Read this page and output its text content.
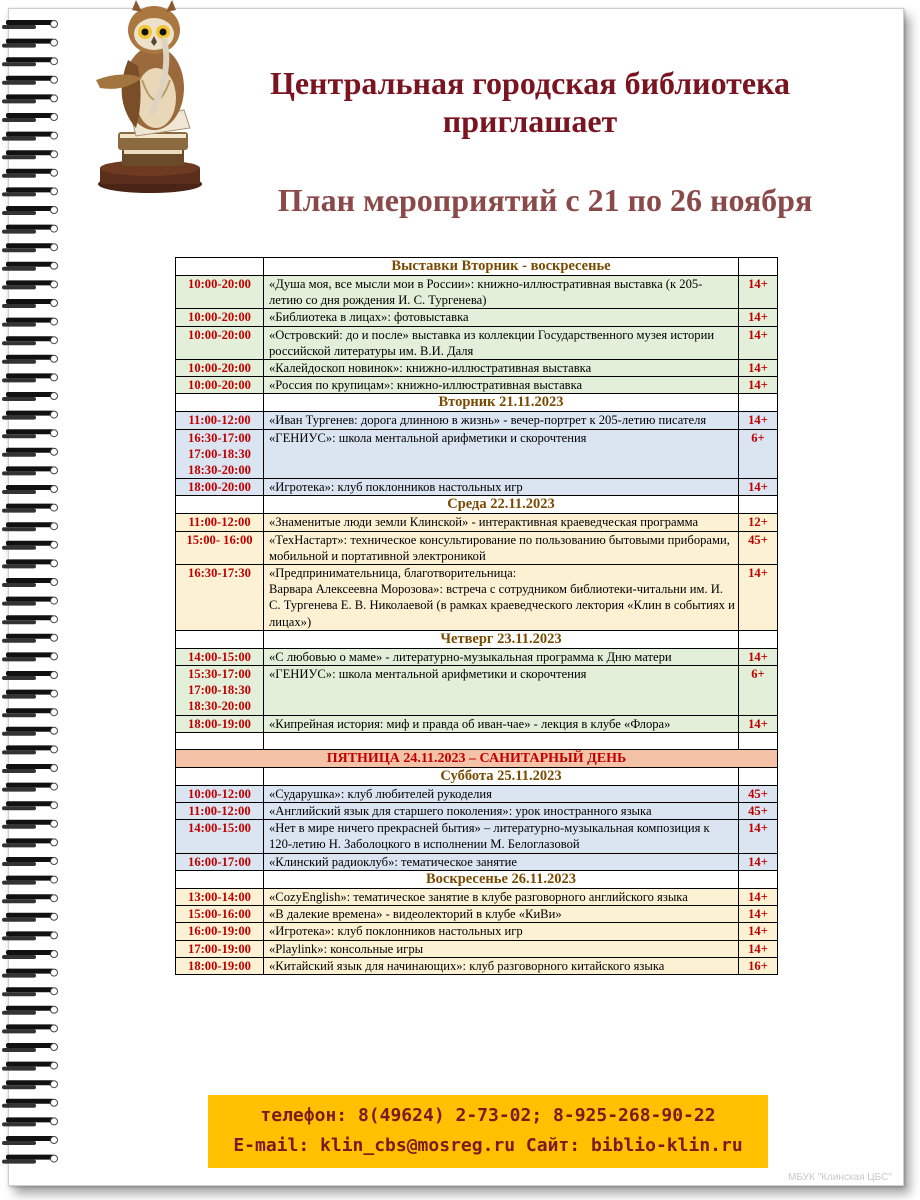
Центральная городская библиотека
приглашает
План мероприятий с 21 по 26 ноября
	Выставки Вторник - воскресенье	
10:00-20:00	«Душа моя, все мысли мои в России»: книжно-иллюстративная выставка (к 205-летию со дня рождения И. С. Тургенева)	14+
10:00-20:00	«Библиотека в лицах»: фотовыставка	14+
10:00-20:00	«Островский: до и после» выставка из коллекции Государственного музея истории российской литературы им. В.И. Даля	14+
10:00-20:00	«Калейдоскоп новинок»: книжно-иллюстративная выставка	14+
10:00-20:00	«Россия по крупицам»: книжно-иллюстративная выставка	14+
	Вторник 21.11.2023	
11:00-12:00	«Иван Тургенев: дорога длинною в жизнь» - вечер-портрет к 205-летию писателя	14+

16:30-17:00
17:00-18:30
18:30-20:00	«ГЕНИУС»: школа ментальной арифметики и скорочтения	6+
18:00-20:00	«Игротека»: клуб поклонников настольных игр	14+
	Среда 22.11.2023	
11:00-12:00	«Знаменитые люди земли Клинской» - интерактивная краеведческая программа	12+
15:00- 16:00	«ТехНастарт»: техническое консультирование по пользованию бытовыми приборами, мобильной и портативной электроникой	45+
16:30-17:30	«Предпринимательница, благотворительница:
Варвара Алексеевна Морозова»: встреча с сотрудником библиотеки-читальни им. И. С. Тургенева Е. В. Николаевой (в рамках краеведческого лектория «Клин в событиях и лицах»)	14+
	Четверг 23.11.2023	
14:00-15:00	«С любовью о маме» - литературно-музыкальная программа к Дню матери	14+

15:30-17:00
17:00-18:30
18:30-20:00	«ГЕНИУС»: школа ментальной арифметики и скорочтения	6+
18:00-19:00	«Кипрейная история: миф и правда об иван-чае» - лекция в клубе «Флора»	14+

ПЯТНИЦА 24.11.2023 – САНИТАРНЫЙ ДЕНЬ		
	Суббота 25.11.2023	
10:00-12:00	«Сударушка»: клуб любителей рукоделия	45+
11:00-12:00	«Английский язык для старшего поколения»: урок иностранного языка	45+
14:00-15:00	«Нет в мире ничего прекрасней бытия» – литературно-музыкальная композиция к 120-летию Н. Заболоцкого в исполнении М. Белоглазовой	14+
16:00-17:00	«Клинский радиоклуб»: тематическое занятие	14+
	Воскресенье 26.11.2023	
13:00-14:00	«CozyEnglish»: тематическое занятие в клубе разговорного английского языка	14+
15:00-16:00	«В далекие времена» - видеолекторий в клубе «КиВи»	14+
16:00-19:00	«Игротека»: клуб поклонников настольных игр	14+
17:00-19:00	«Playlink»: консольные игры	14+
18:00-19:00	«Китайский язык для начинающих»: клуб разговорного китайского языка	16+
телефон: 8(49624) 2-73-02; 8-925-268-90-22
E-mail: klin_cbs@mosreg.ru Сайт: biblio-klin.ru
МБУК "Клинская ЦБС"
